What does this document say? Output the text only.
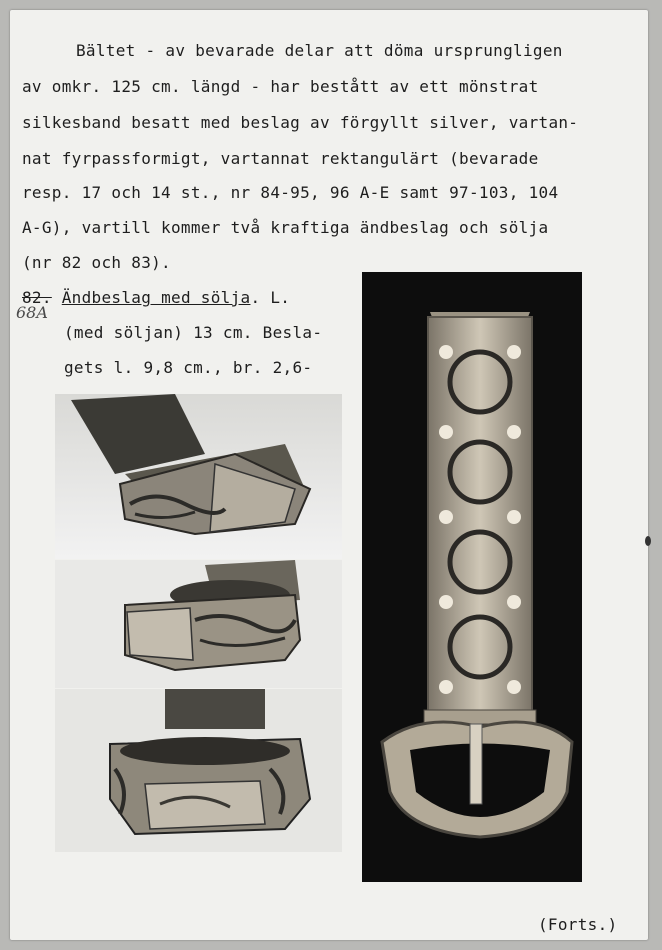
Bältet - av bevarade delar att döma ursprungligen
av omkr. 125 cm. längd - har bestått av ett mönstrat
silkesband besatt med beslag av förgyllt silver, vartan-
nat fyrpassformigt, vartannat rektangulärt (bevarade
resp. 17 och 14 st., nr 84-95, 96 A-E samt 97-103, 104
A-G), vartill kommer två kraftiga ändbeslag och sölja
(nr 82 och 83).
82. Ändbeslag med sölja. L.
68A
(med söljan) 13 cm. Besla-
gets l. 9,8 cm., br. 2,6-
(Forts.)
